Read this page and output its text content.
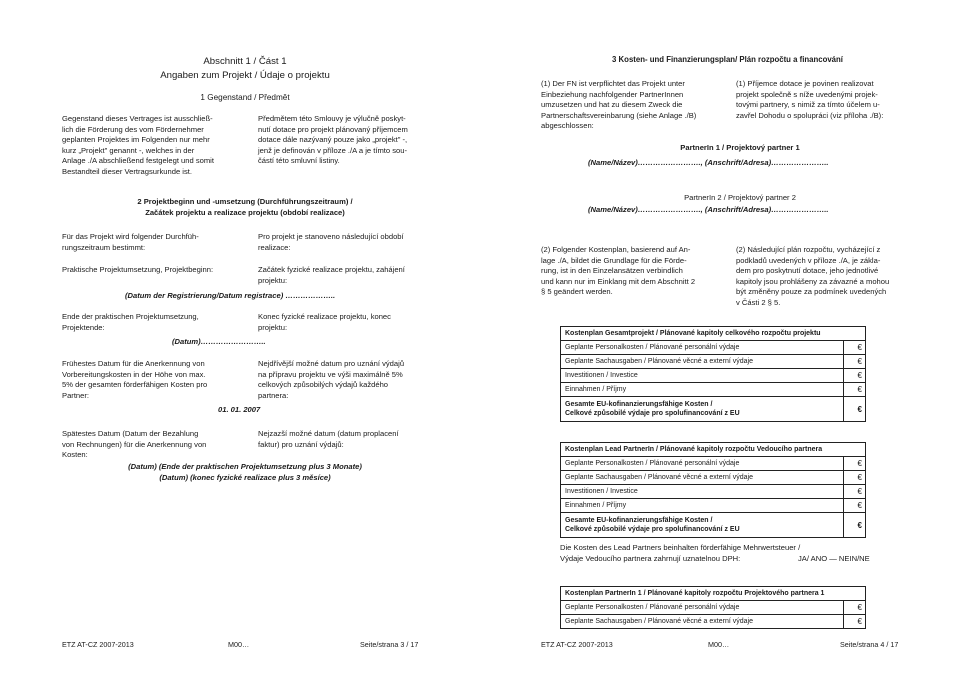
Abschnitt 1 / Část 1
Angaben zum Projekt / Údaje o projektu
1 Gegenstand / Předmět
Gegenstand dieses Vertrages ist ausschließ-
lich die Förderung des vom Fördernehmer
geplanten Projektes im Folgenden nur mehr
kurz „Projekt" genannt -, welches in der
Anlage ./A abschließend festgelegt und somit
Bestandteil dieser Vertragsurkunde ist.
Předmětem této Smlouvy je výlučně poskyt-
nutí dotace pro projekt plánovaný příjemcem
dotace dále nazývaný pouze jako „projekt" -,
jenž je definován v příloze ./A a je tímto sou-
částí této smluvní listiny.
2 Projektbeginn und -umsetzung (Durchführungszeitraum) /
Začátek projektu a realizace projektu (období realizace)
Für das Projekt wird folgender Durchfüh-
rungszeitraum bestimmt:
Pro projekt je stanoveno následující období
realizace:
Praktische Projektumsetzung, Projektbeginn:	Začátek fyzické realizace projektu, zahájení
projektu:
(Datum der Registrierung/Datum registrace) ………………..
Ende der praktischen Projektumsetzung,
Projektende:
Konec fyzické realizace projektu, konec
projektu:
(Datum)……………………..
Frühestes Datum für die Anerkennung von
Vorbereitungskosten in der Höhe von max.
5% der gesamten förderfähigen Kosten pro
Partner:
Nejdřívější možné datum pro uznání výdajů
na přípravu projektu ve výši maximálně 5%
celkových způsobilých výdajů každého
partnera:
01. 01. 2007
Spätestes Datum (Datum der Bezahlung
von Rechnungen) für die Anerkennung von
Kosten:
Nejzazší možné datum (datum proplacení
faktur) pro uznání výdajů:
(Datum) (Ende der praktischen Projektumsetzung plus 3 Monate)
(Datum) (konec fyzické realizace plus 3 měsíce)
ETZ AT-CZ 2007-2013	M00…	Seite/strana 3 / 17
3 Kosten- und Finanzierungsplan/ Plán rozpočtu a financování
(1) Der FN ist verpflichtet das Projekt unter
Einbeziehung nachfolgender PartnerInnen
umzusetzen und hat zu diesem Zweck die
Partnerschaftsvereinbarung (siehe Anlage ./B)
abgeschlossen:
(1) Příjemce dotace je povinen realizovat
projekt společně s níže uvedenými projek-
tovými partnery, s nimiž za tímto účelem u-
zavřel Dohodu o spolupráci (viz příloha ./B):
PartnerIn 1 / Projektový partner 1
(Name/Název)……………………., (Anschrift/Adresa)…………………..
PartnerIn 2 / Projektový partner 2
(Name/Název)……………………., (Anschrift/Adresa)…………………..
(2) Folgender Kostenplan, basierend auf An-
lage ./A, bildet die Grundlage für die Förde-
rung, ist in den Einzelansätzen verbindlich
und kann nur im Einklang mit dem Abschnitt 2
§ 5 geändert werden.
(2) Následující plán rozpočtu, vycházející z
podkladů uvedených v příloze ./A, je zákla-
dem pro poskytnutí dotace, jeho jednotlivé
kapitoly jsou prohlášeny za závazné a mohou
být změněny pouze za podmínek uvedených
v Části 2 § 5.
Kostenplan Gesamtprojekt / Plánované kapitoly celkového rozpočtu projektu	
Geplante Personalkosten / Plánované personální výdaje	€
Geplante Sachausgaben / Plánované věcné a externí výdaje	€
Investitionen / Investice	€
Einnahmen / Příjmy	€

Gesamte EU-kofinanzierungsfähige Kosten /
Celkové způsobilé výdaje pro spolufinancování z EU	€
Kostenplan Lead PartnerIn / Plánované kapitoly rozpočtu Vedoucího partnera	
Geplante Personalkosten / Plánované personální výdaje	€
Geplante Sachausgaben / Plánované věcné a externí výdaje	€
Investitionen / Investice	€
Einnahmen / Příjmy	€

Gesamte EU-kofinanzierungsfähige Kosten /
Celkové způsobilé výdaje pro spolufinancování z EU	€
Die Kosten des Lead Partners beinhalten förderfähige Mehrwertsteuer /
Výdaje Vedoucího partnera zahrnují uznatelnou DPH:	JA/ ANO — NEIN/NE
Kostenplan PartnerIn 1 / Plánované kapitoly rozpočtu Projektového partnera 1	
Geplante Personalkosten / Plánované personální výdaje	€
Geplante Sachausgaben / Plánované věcné a externí výdaje	€
ETZ AT-CZ 2007-2013	M00…	Seite/strana 4 / 17
